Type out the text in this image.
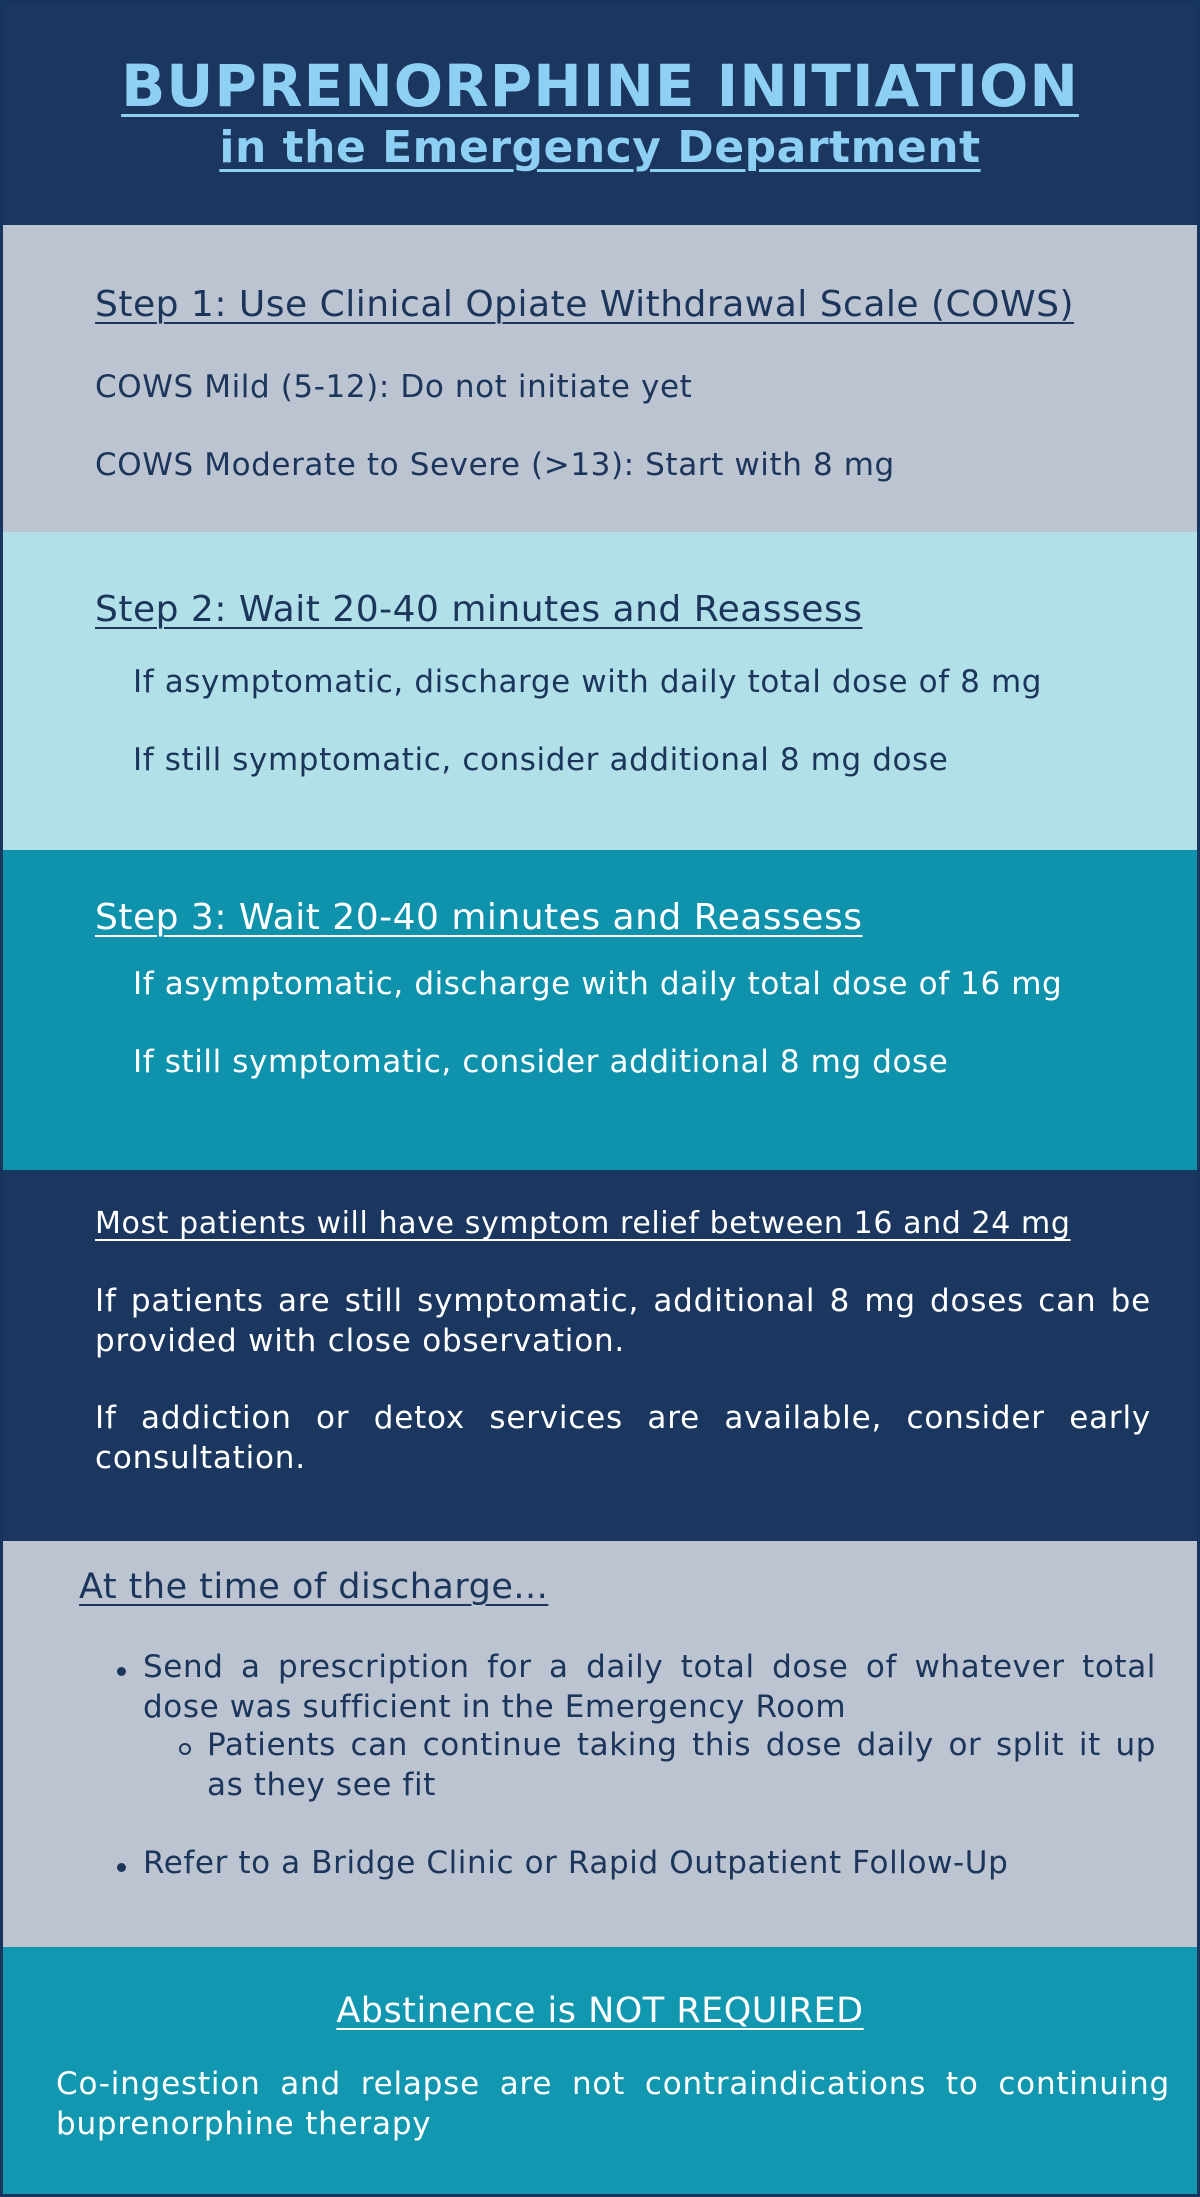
BUPRENORPHINE INITIATION
in the Emergency Department
Step 1: Use Clinical Opiate Withdrawal Scale (COWS)
COWS Mild (5-12): Do not initiate yet
COWS Moderate to Severe (>13): Start with 8 mg
Step 2: Wait 20-40 minutes and Reassess
If asymptomatic, discharge with daily total dose of 8 mg
If still symptomatic, consider additional 8 mg dose
Step 3: Wait 20-40 minutes and Reassess
If asymptomatic, discharge with daily total dose of 16 mg
If still symptomatic, consider additional 8 mg dose
Most patients will have symptom relief between 16 and 24 mg
If patients are still symptomatic, additional 8 mg doses can be provided with close observation.
If addiction or detox services are available, consider early consultation.
At the time of discharge...
Send a prescription for a daily total dose of whatever total dose was sufficient in the Emergency Room
Patients can continue taking this dose daily or split it up as they see fit
Refer to a Bridge Clinic or Rapid Outpatient Follow-Up
Abstinence is NOT REQUIRED
Co-ingestion and relapse are not contraindications to continuing buprenorphine therapy
